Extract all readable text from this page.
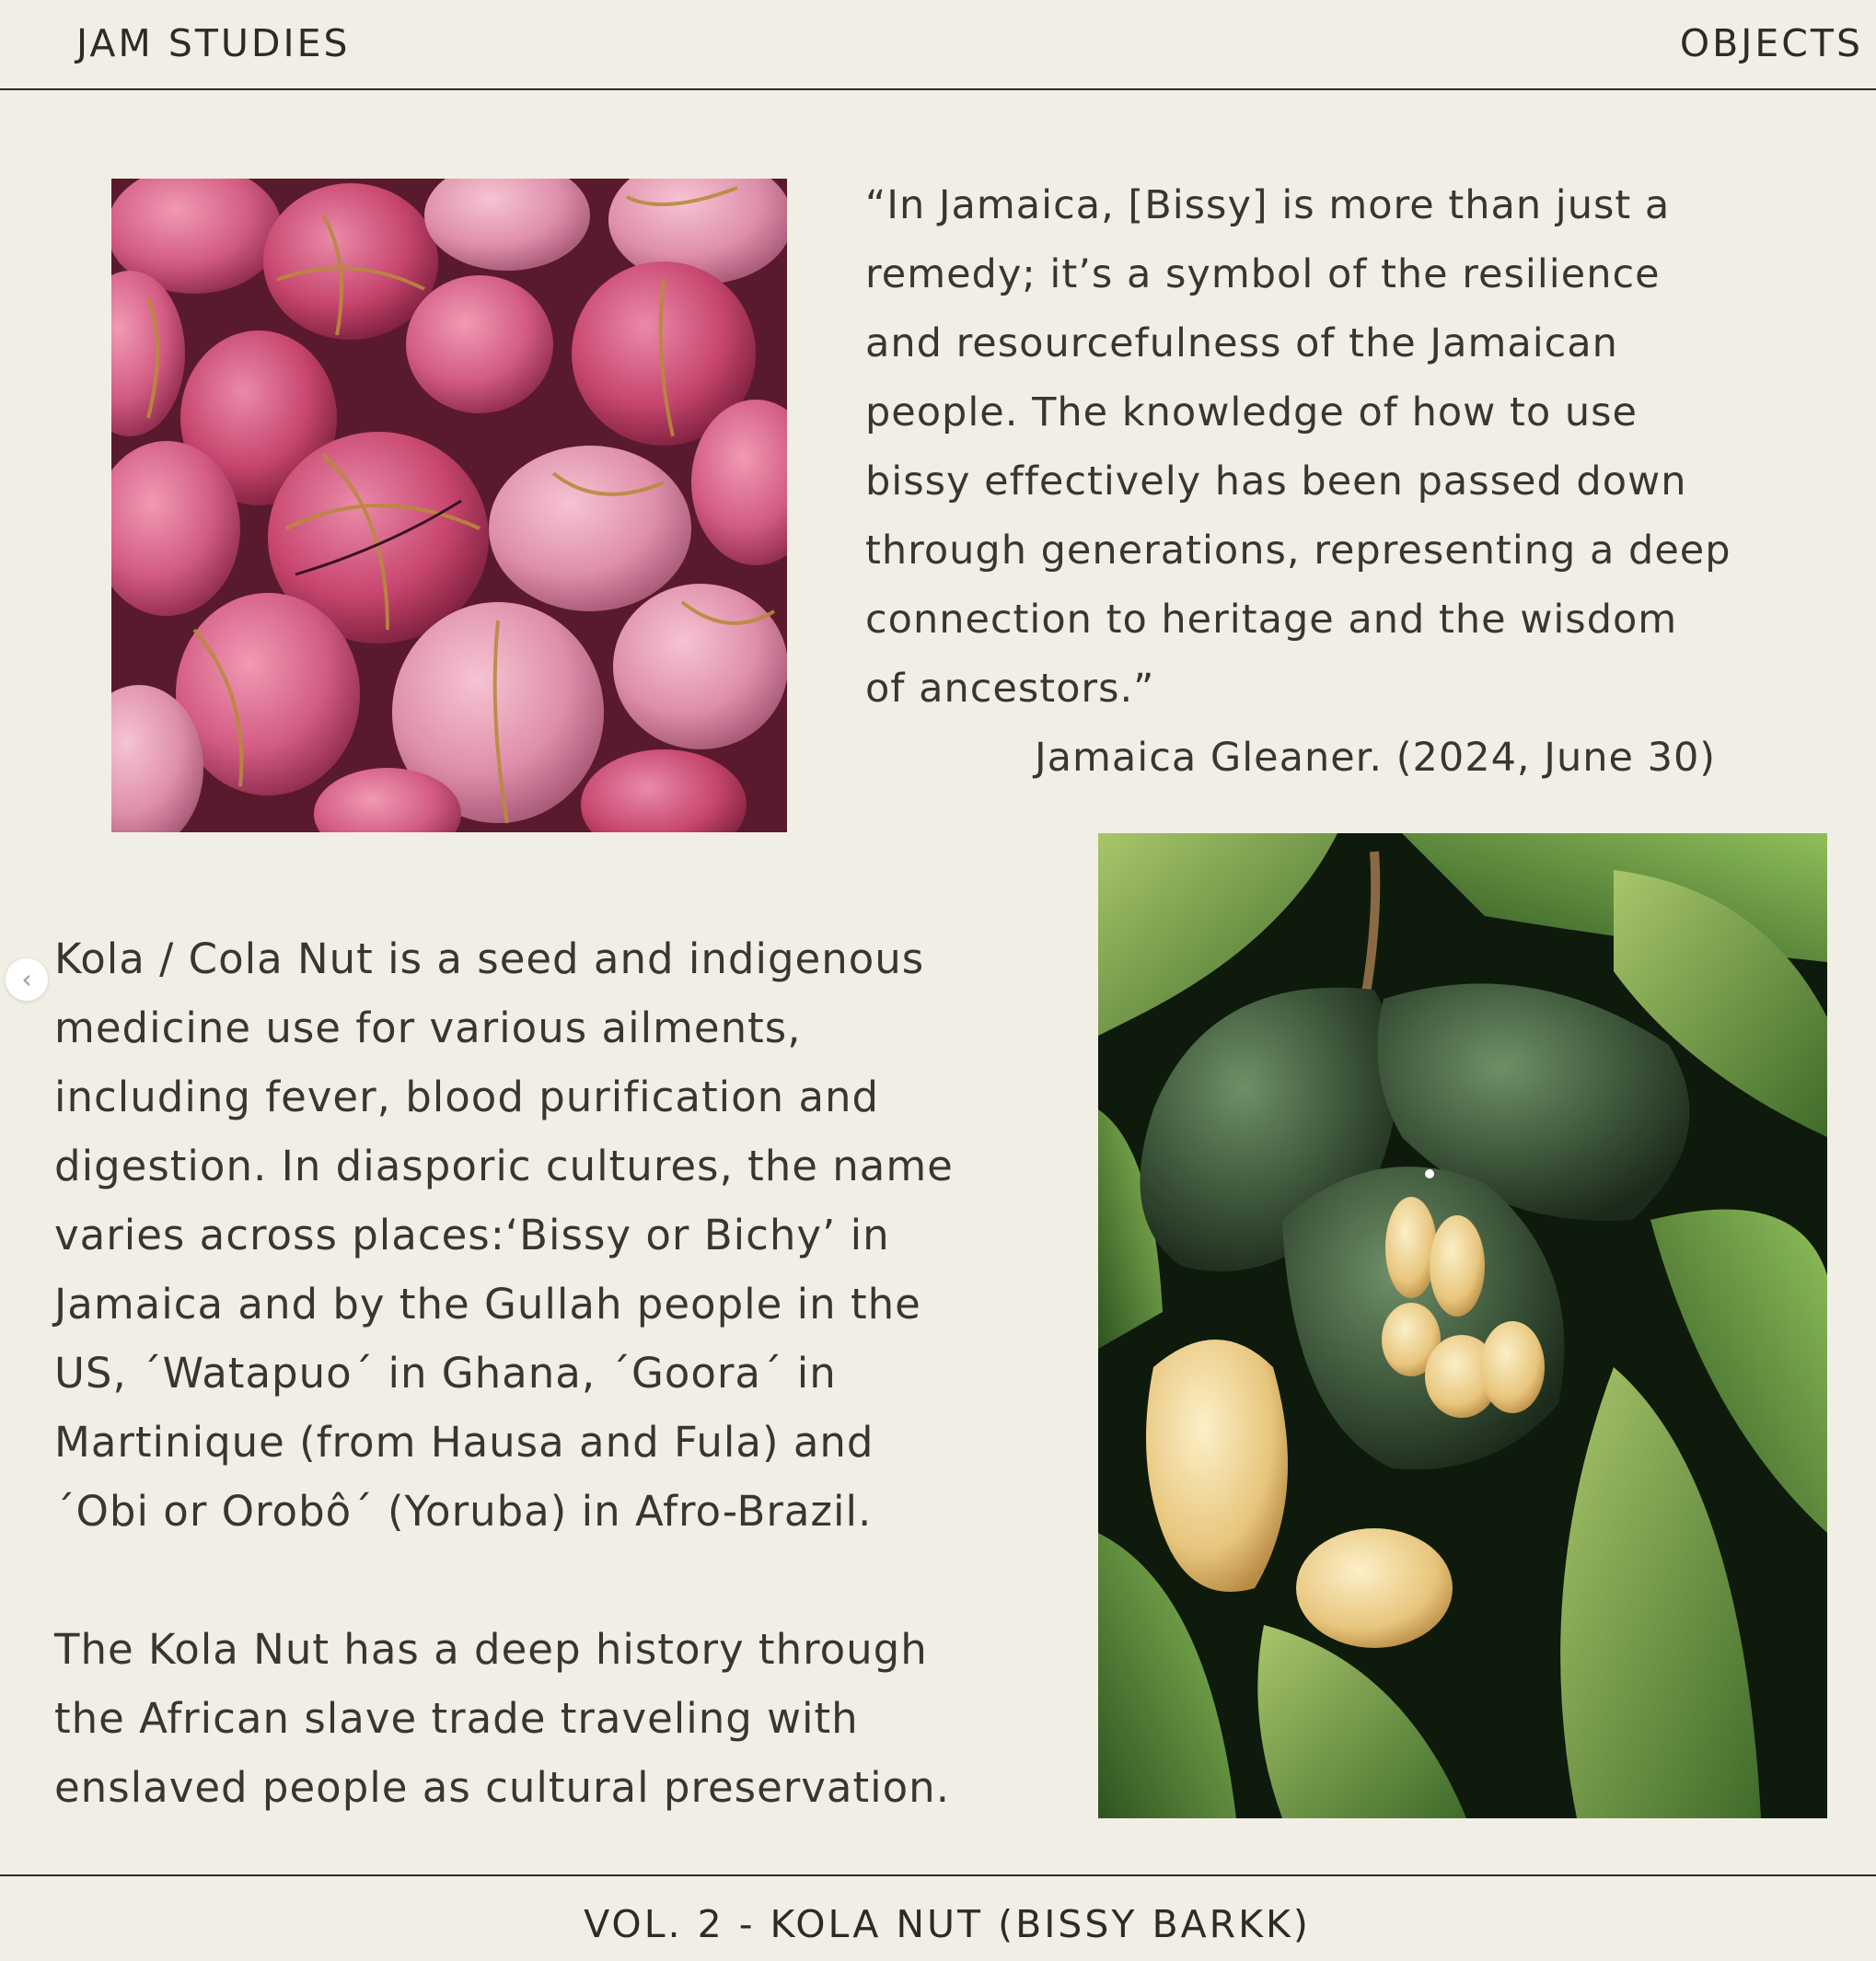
JAM STUDIES	OBJECTS
“In Jamaica, [Bissy] is more than just a
remedy; it’s a symbol of the resilience
and resourcefulness of the Jamaican
people. The knowledge of how to use
bissy effectively has been passed down
through generations, representing a deep
connection to heritage and the wisdom
of ancestors.”
Jamaica Gleaner. (2024, June 30)
‹ Kola / Cola Nut is a seed and indigenous
medicine use for various ailments,
including fever, blood purification and
digestion. In diasporic cultures, the name
varies across places:‘Bissy or Bichy’ in
Jamaica and by the Gullah people in the
US, ´Watapuo´ in Ghana, ´Goora´ in
Martinique (from Hausa and Fula) and
´Obi or Orobô´ (Yoruba) in Afro-Brazil.
The Kola Nut has a deep history through
the African slave trade traveling with
enslaved people as cultural preservation.
VOL. 2 - KOLA NUT (BISSY BARKK)
